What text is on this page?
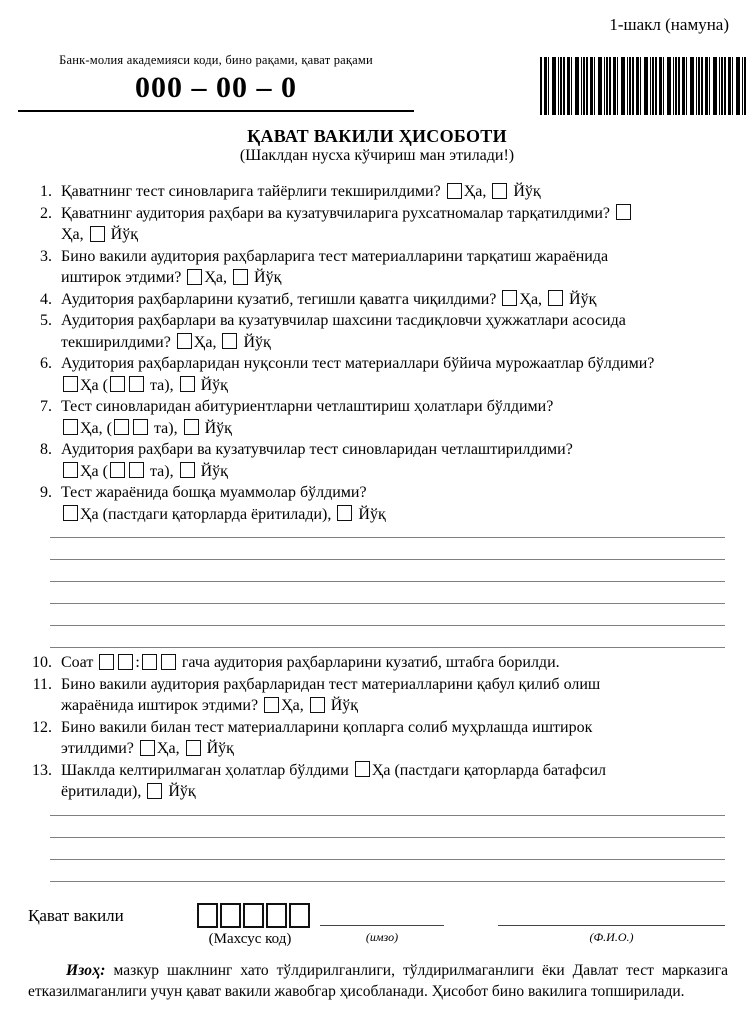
1-шакл (намуна)
Банк-молия академияси коди, бино рақами, қават рақами
000 – 00 – 0
ҚАВАТ ВАКИЛИ ҲИСОБОТИ
(Шаклдан нусха кўчириш ман этилади!)
1. Қаватнинг тест синовларига тайёрлиги текширилдими? Ҳа,  Йўқ
2. Қаватнинг аудитория раҳбари ва кузатувчиларига рухсатномалар тарқатилдими?
Ҳа,  Йўқ
3. Бино вакили аудитория раҳбарларига тест материалларини тарқатиш жараёнида
иштирок этдими? Ҳа,  Йўқ
4. Аудитория раҳбарларини кузатиб, тегишли қаватга чиқилдими? Ҳа,  Йўқ
5. Аудитория раҳбарлари ва кузатувчилар шахсини тасдиқловчи ҳужжатлари асосида
текширилдими? Ҳа,  Йўқ
6. Аудитория раҳбарларидан нуқсонли тест материаллари бўйича мурожаатлар бўлдими?
Ҳа ( та),  Йўқ
7. Тест синовларидан абитуриентларни четлаштириш ҳолатлари бўлдими?
Ҳа, ( та),  Йўқ
8. Аудитория раҳбари ва кузатувчилар тест синовларидан четлаштирилдими?
Ҳа ( та),  Йўқ
9. Тест жараёнида бошқа муаммолар бўлдими?
Ҳа (пастдаги қаторларда ёритилади),  Йўқ
10. Соат : гача аудитория раҳбарларини кузатиб, штабга борилди.
11. Бино вакили аудитория раҳбарларидан тест материалларини қабул қилиб олиш
жараёнида иштирок этдими? Ҳа,  Йўқ
12. Бино вакили билан тест материалларини қопларга солиб муҳрлашда иштирок
этилдими? Ҳа,  Йўқ
13. Шаклда келтирилмаган ҳолатлар бўлдими Ҳа (пастдаги қаторларда батафсил
ёритилади),  Йўқ
Қават вакили
(Махсус код)	(имзо)	(Ф.И.О.)
Изоҳ: мазкур шаклнинг хато тўлдирилганлиги, тўлдирилмаганлиги ёки Давлат тест марказига етказилмаганлиги учун қават вакили жавобгар ҳисобланади. Ҳисобот бино вакилига топширилади.
